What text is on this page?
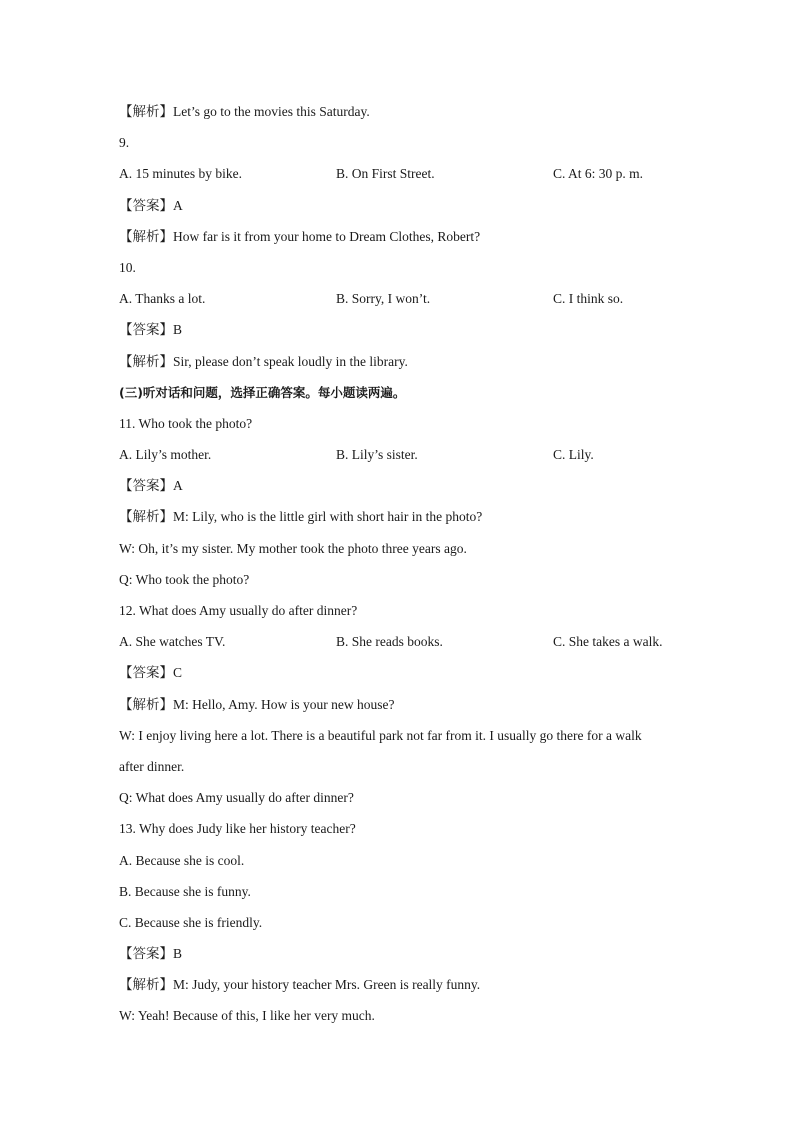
【解析】Let’s go to the movies this Saturday.
9.
A. 15 minutes by bike.	B. On First Street.	C. At 6: 30 p. m.
【答案】A
【解析】How far is it from your home to Dream Clothes, Robert?
10.
A. Thanks a lot.	B. Sorry, I won’t.	C. I think so.
【答案】B
【解析】Sir, please don’t speak loudly in the library.
(三)听对话和问题，选择正确答案。每小题读两遍。
11. Who took the photo?
A. Lily’s mother.	B. Lily’s sister.	C. Lily.
【答案】A
【解析】M: Lily, who is the little girl with short hair in the photo?
W: Oh, it’s my sister. My mother took the photo three years ago.
Q: Who took the photo?
12. What does Amy usually do after dinner?
A. She watches TV.	B. She reads books.	C. She takes a walk.
【答案】C
【解析】M: Hello, Amy. How is your new house?
W: I enjoy living here a lot. There is a beautiful park not far from it. I usually go there for a walk
after dinner.
Q: What does Amy usually do after dinner?
13. Why does Judy like her history teacher?
A. Because she is cool.
B. Because she is funny.
C. Because she is friendly.
【答案】B
【解析】M: Judy, your history teacher Mrs. Green is really funny.
W: Yeah! Because of this, I like her very much.
